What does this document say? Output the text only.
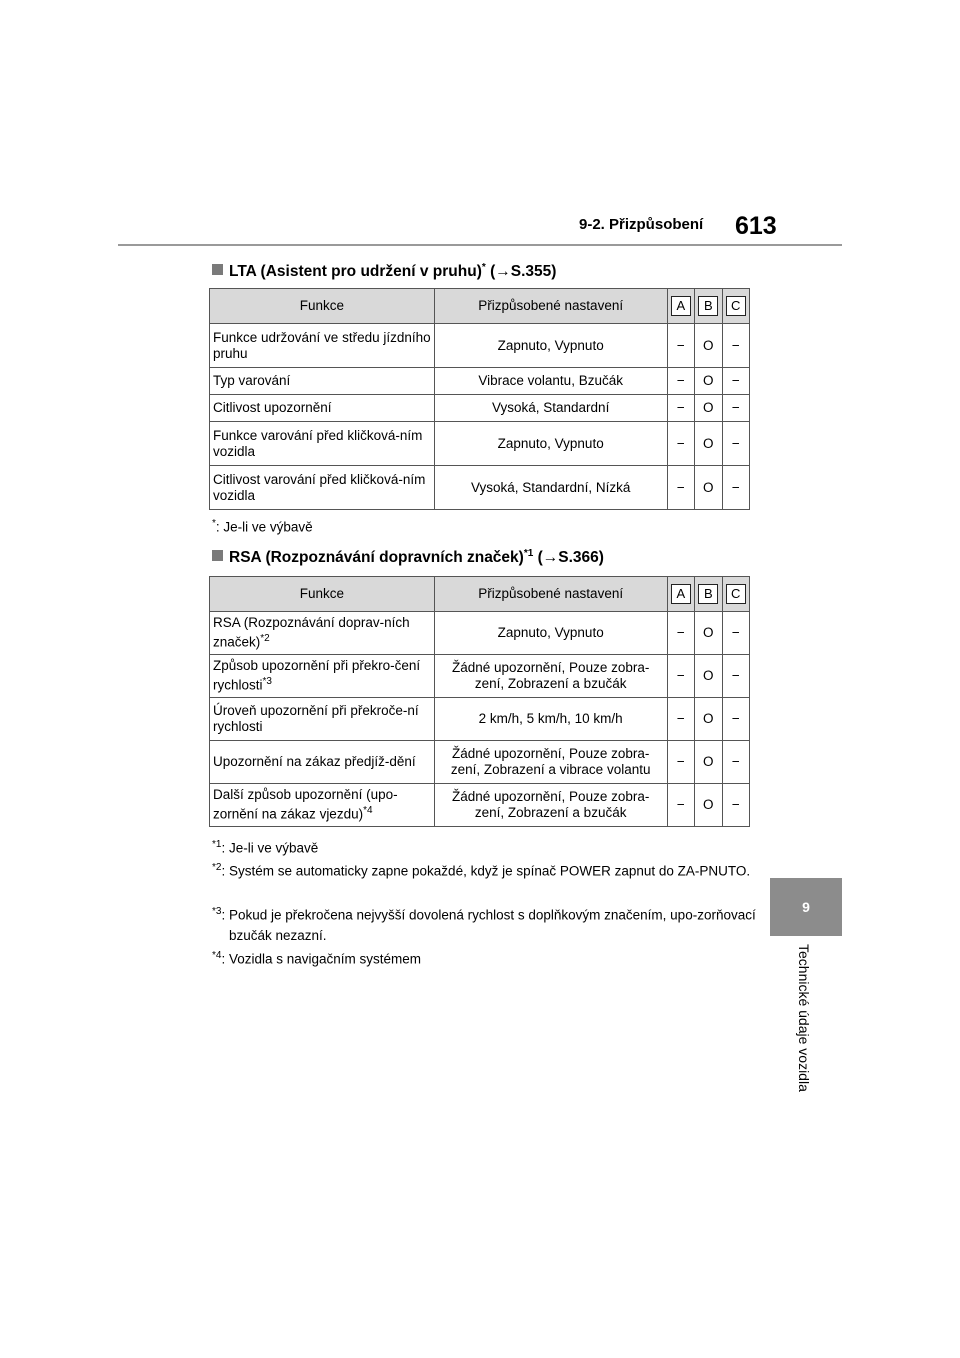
9-2. Přizpůsobení 613
9
Technické údaje vozidla
LTA (Asistent pro udržení v pruhu)* (→S.355)
Funkce	Přizpůsobené nastavení	A	B	C
Funkce udržování ve středu jízdního pruhu	Zapnuto, Vypnuto	−	O	−
Typ varování	Vibrace volantu, Bzučák	−	O	−
Citlivost upozornění	Vysoká, Standardní	−	O	−
Funkce varování před kličková-ním vozidla	Zapnuto, Vypnuto	−	O	−
Citlivost varování před kličková-ním vozidla	Vysoká, Standardní, Nízká	−	O	−
*: Je-li ve výbavě
RSA (Rozpoznávání dopravních značek)$^{*1}$ (→S.366)
Funkce	Přizpůsobené nastavení	A	B	C
RSA (Rozpoznávání doprav-ních značek)$^{*2}$	Zapnuto, Vypnuto	−	O	−
Způsob upozornění při překro-čení rychlosti$^{*3}$	Žádné upozornění, Pouze zobra-zení, Zobrazení a bzučák	−	O	−
Úroveň upozornění při překroče-ní rychlosti	2 km/h, 5 km/h, 10 km/h	−	O	−
Upozornění na zákaz předjíž-dění	Žádné upozornění, Pouze zobra-zení, Zobrazení a vibrace volantu	−	O	−
Další způsob upozornění (upo-zornění na zákaz vjezdu)$^{*4}$	Žádné upozornění, Pouze zobra-zení, Zobrazení a bzučák	−	O	−
$^{*1}$: Je-li ve výbavě
$^{*2}$: Systém se automaticky zapne pokaždé, když je spínač POWER zapnut do ZA-PNUTO.
$^{*3}$: Pokud je překročena nejvyšší dovolená rychlost s doplňkovým značením, upo-zorňovací bzučák nezazní.
$^{*4}$: Vozidla s navigačním systémem
